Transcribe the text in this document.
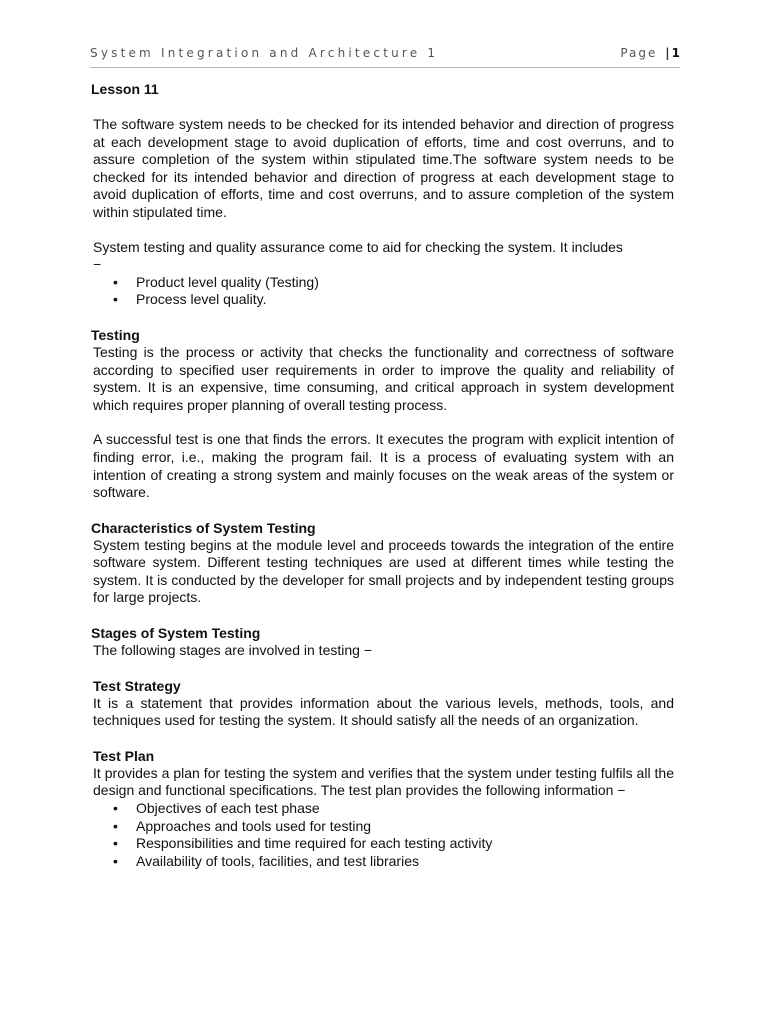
System Integration and Architecture 1	Page | 1
Lesson 11

The software system needs to be checked for its intended behavior and direction of progress at each development stage to avoid duplication of efforts, time and cost overruns, and to assure completion of the system within stipulated time.The software system needs to be checked for its intended behavior and direction of progress at each development stage to avoid duplication of efforts, time and cost overruns, and to assure completion of the system within stipulated time.

System testing and quality assurance come to aid for checking the system. It includes

−
• Product level quality (Testing)
• Process level quality.
Testing

Testing is the process or activity that checks the functionality and correctness of software according to specified user requirements in order to improve the quality and reliability of system. It is an expensive, time consuming, and critical approach in system development which requires proper planning of overall testing process.

A successful test is one that finds the errors. It executes the program with explicit intention of finding error, i.e., making the program fail. It is a process of evaluating system with an intention of creating a strong system and mainly focuses on the weak areas of the system or software.

Characteristics of System Testing

System testing begins at the module level and proceeds towards the integration of the entire software system. Different testing techniques are used at different times while testing the system. It is conducted by the developer for small projects and by independent testing groups for large projects.

Stages of System Testing

The following stages are involved in testing −

Test Strategy

It is a statement that provides information about the various levels, methods, tools, and techniques used for testing the system. It should satisfy all the needs of an organization.

Test Plan

It provides a plan for testing the system and verifies that the system under testing fulfils all the design and functional specifications. The test plan provides the following information −

• Objectives of each test phase
• Approaches and tools used for testing
• Responsibilities and time required for each testing activity
• Availability of tools, facilities, and test libraries
